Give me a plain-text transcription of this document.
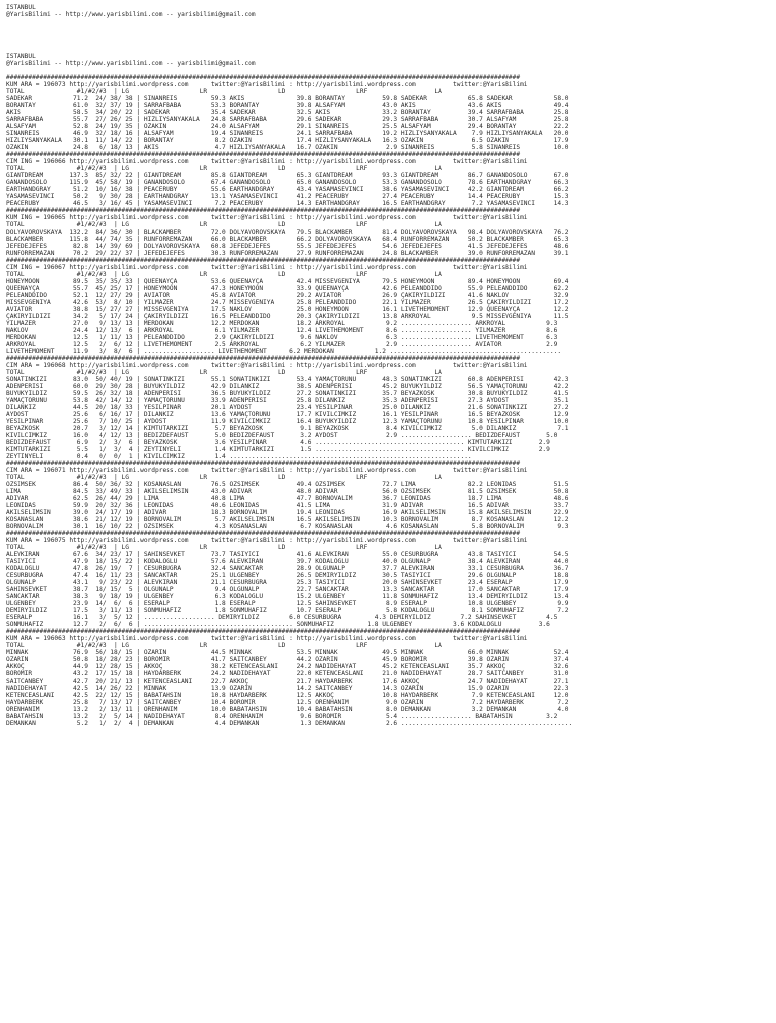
ISTANBUL
@YarisBilimi -- http://www.yarisbilimi.com -- yarisbilimi@gmail.com
ISTANBUL
@YarisBilimi -- http://www.yarisbilimi.com -- yarisbilimi@gmail.com
##########################################################################################################################################
KUM ARA = 196073 http://yarisbilimi.wordpress.com      twitter:@YarisBilimi : http://yarisbilimi.wordpress.com          twitter:@YarisBilimi
TOTAL              #1/#2/#3  | LG                   LR                   LD                   LRF                  LA
SADEKAR           71.2  24/ 38/ 38 | SINANREIS         59.3 AKIS              39.8 BORANTAY          59.8 SADEKAR           65.8 SADEKAR           58.0
BORANTAY          61.0  32/ 37/ 19 | SARRAFBABA        53.3 BORANTAY          39.8 ALSAFYAM          43.0 AKIS              43.6 AKIS              49.4
AKIS              58.5  34/ 20/ 22 | SADEKAR           35.4 SADEKAR           32.5 AKIS              33.2 BORANTAY          39.4 SARRAFBABA        25.8
SARRAFBABA        55.7  27/ 26/ 25 | HIZLIYSANYAKALA   24.8 SARRAFBABA        29.6 SADEKAR           29.3 SARRAFBABA        30.7 ALSAFYAM          25.8
ALSAFYAM          52.8  24/ 19/ 35 | ÖZAKIN            24.0 ALSAFYAM          29.1 SINANREIS         25.5 ALSAFYAM          29.4 BORANTAY          22.2
SINANREIS         46.9  32/ 18/ 16 | ALSAFYAM          19.4 SINANREIS         24.1 SARRAFBABA        19.2 HIZLIYSANYAKALA    7.9 HIZLIYSANYAKALA   20.0
HIZLIYSANYAKALA   30.1  11/ 14/ 22 | BORANTAY           8.2 ÖZAKIN            17.4 HIZLIYSANYAKALA   16.3 ÖZAKIN             6.5 ÖZAKIN            17.9
ÖZAKIN            24.8   6/ 18/ 13 | AKIS               4.7 HIZLIYSANYAKALA   16.7 ÖZAKIN             2.9 SINANREIS          5.8 SINANREIS         10.0
##########################################################################################################################################
CIM ING = 196066 http://yarisbilimi.wordpress.com      twitter:@YarisBilimi : http://yarisbilimi.wordpress.com          twitter:@YarisBilimi
TOTAL              #1/#2/#3  | LG                   LR                   LD                   LRF                  LA
GIANTDREAM       137.3  85/ 32/ 22 | GIANTDREAM        85.8 GIANTDREAM        65.3 GIANTDREAM        93.3 GIANTDREAM        86.7 GANANDOSOLO       67.0
GANANDOSOLO      115.9  45/ 58/ 19 | GANANDOSOLO       67.4 GANANDOSOLO       65.0 GANANDOSOLO       53.3 GANANDOSOLO       78.6 EARTHANDGRAY      66.3
EARTHANDGRAY      51.2  10/ 16/ 38 | PEACERUBY         55.6 EARTHANDGRAY      43.4 YASAMASEVINCI     38.6 YASAMASEVINCI     42.2 GIANTDREAM        66.2
YASAMASEVINCI     50.2   9/ 30/ 28 | EARTHANDGRAY      13.1 YASAMASEVINCI     41.2 PEACERUBY         27.4 PEACERUBY         14.4 PEACERUBY         15.3
PEACERUBY         46.5   3/ 16/ 45 | YASAMASEVINCI      7.2 PEACERUBY         14.3 EARTHANDGRAY      16.5 EARTHANDGRAY       7.2 YASAMASEVINCI     14.3
##########################################################################################################################################
KUM ING = 196065 http://yarisbilimi.wordpress.com      twitter:@YarisBilimi : http://yarisbilimi.wordpress.com          twitter:@YarisBilimi
TOTAL              #1/#2/#3  | LG                   LR                   LD                   LRF                  LA
DOLYAVOROVSKAYA  132.2  84/ 36/ 30 | BLACKAMBER        72.0 DOLYAVOROVSKAYA   79.5 BLACKAMBER        81.4 DOLYAVOROVSKAYA   98.4 DOLYAVOROVSKAYA   76.2
BLACKAMBER       115.8  44/ 74/ 35 | RUNFORREMAZAN     66.0 BLACKAMBER        66.2 DOLYAVOROVSKAYA   68.4 RUNFORREMAZAN     50.2 BLACKAMBER        65.3
JEFEDEJEFES       82.8  14/ 39/ 69 | DOLYAVOROVSKAYA   60.8 JEFEDEJEFES       55.5 JEFEDEJEFES       54.6 JEFEDEJEFES       41.5 JEFEDEJEFES       48.6
RUNFORREMAZAN     70.2  29/ 22/ 37 | JEFEDEJEFES       30.3 RUNFORREMAZAN     27.9 RUNFORREMAZAN     24.8 BLACKAMBER        39.0 RUNFORREMAZAN     39.1
##########################################################################################################################################
CIM ING = 196067 http://yarisbilimi.wordpress.com      twitter:@YarisBilimi : http://yarisbilimi.wordpress.com          twitter:@YarisBilimi
TOTAL              #1/#2/#3  | LG                   LR                   LD                   LRF                  LA
HONEYMOON         89.5  35/ 35/ 33 | QUEENAYÇA         53.6 QUEENAYÇA         42.4 MISSEVGENIYA      79.5 HONEYMOON         89.4 HONEYMOON         69.4
QUEENAYÇA         55.7  45/ 25/ 17 | HONEYMOON         47.3 HONEYMOON         33.9 QUEENAYÇA         42.6 PELEANDDIDO       55.9 PELEANDDIDO       62.2
PELEANDDIDO       52.1  12/ 27/ 29 | AVIATOR           45.8 AVIATOR           29.2 AVIATOR           26.9 ÇAKIRYILDIZI      41.6 NAKLOV            32.9
MISSEVGENIYA      42.6  53/  8/ 10 | YILMAZER          24.7 MISSEVGENIYA      25.8 PELEANDDIDO       22.1 YILMAZER          26.5 ÇAKIRYILDIZI      17.2
AVIATOR           38.8  15/ 27/ 27 | MISSEVGENIYA      17.5 NAKLOV            25.0 HONEYMOON         16.1 LIVETHEMOMENT     12.9 QUEENAYÇA         12.2
ÇAKIRYILDIZI      34.2   5/ 17/ 24 | ÇAKIRYILDIZI      16.5 PELEANDDIDO       20.3 ÇAKIRYILDIZI      13.8 ARKROYAL           9.5 MISSEVGENIYA      11.5
YILMAZER          27.0   9/ 13/ 13 | MERDOKAN          12.2 MERDOKAN          18.2 ARKROYAL           9.2 ................... ARKROYAL           9.3
NAKLOV            24.4  12/ 13/  6 | ARKROYAL           6.1 YILMAZER          12.4 LIVETHEMOMENT      8.6 ................... YILMAZER           8.6
MERDOKAN          12.5   1/ 11/ 13 | PELEANDDIDO        2.9 ÇAKIRYILDIZI       9.6 NAKLOV             6.3 ................... LIVETHEMOMENT      6.3
ARKROYAL          12.5   2/  6/ 12 | LIVETHEMOMENT      2.5 ARKROYAL           6.2 YILMAZER           2.9 ................... AVIATOR            2.9
LIVETHEMOMENT     11.9   3/  8/  6 | ................... LIVETHEMOMENT      6.2 MERDOKAN           1.2 ..............................................
##########################################################################################################################################
CIM ARA = 196068 http://yarisbilimi.wordpress.com      twitter:@YarisBilimi : http://yarisbilimi.wordpress.com          twitter:@YarisBilimi
TOTAL              #1/#2/#3  | LG                   LR                   LD                   LRF                  LA
SONATINKIZI       83.0  50/ 40/ 19 | SONATINKIZI       55.1 SONATINKIZI       53.4 YAMAÇTORUNU       48.3 SONATINKIZI       60.8 ADENPERISI        42.3
ADENPERISI        60.0  29/ 30/ 28 | BÜYÜKYILDIZ       42.9 DILANKIZ          38.5 ADENPERISI        45.2 BÜYÜKYILDIZ       56.5 YAMAÇTORUNU       42.2
BÜYÜKYILDIZ       59.5  26/ 32/ 18 | ADENPERISI        36.5 BÜYÜKYILDIZ       27.2 SONATINKIZI       35.7 BEYAZKÖSK         30.8 BÜYÜKYILDIZ       41.5
YAMAÇTORUNU       53.8  42/ 14/ 12 | YAMAÇTORUNU       33.9 ADENPERISI        25.8 DILANKIZ          35.3 ADENPERISI        27.3 AYDOST            35.1
DILANKIZ          44.5  20/ 18/ 33 | YESILPINAR        20.1 AYDOST            23.4 YESILPINAR        25.0 DILANKIZ          21.6 SONATINKIZI       27.2
AYDOST            25.6   6/ 16/ 17 | DILANKIZ          13.6 YAMAÇTORUNU       17.7 KIVILCIMKIZ       16.1 YESILPINAR        16.5 BEYAZKÖSK         12.9
YESILPINAR        25.6   7/ 10/ 25 | AYDOST            11.9 KIVILCIMKIZ       16.4 BÜYÜKYILDIZ       12.3 YAMAÇTORUNU       10.8 YESILPINAR        10.0
BEYAZKÖSK         20.7   3/ 12/ 14 | KIMTUTARKIZI       5.7 BEYAZKÖSK          9.1 BEYAZKÖSK          8.4 KIVILCIMKIZ        5.0 DILANKIZ           7.1
KIVILCIMKIZ       16.0   4/ 12/ 13 | BEDIZDEFAUST       5.0 BEDIZDEFAUST       3.2 AYDOST             2.9 ................... BEDIZDEFAUST       5.0
BEDIZDEFAUST       6.9   2/  3/  6 | BEYAZKÖSK          3.6 YESILPINAR         4.6 ........................................ KIMTUTARKIZI       2.9
KIMTUTARKIZI       5.5   1/  3/  4 | ZEYTINYELI         1.4 KIMTUTARKIZI       1.5 ........................................ KIVILCIMKIZ        2.9
ZEYTINYELI         0.4   0/  0/  1 | KIVILCIMKIZ        1.4 .................................................................
##########################################################################################################################################
CIM ARA = 196071 http://yarisbilimi.wordpress.com      twitter:@YarisBilimi : http://yarisbilimi.wordpress.com          twitter:@YarisBilimi
TOTAL              #1/#2/#3  | LG                   LR                   LD                   LRF                  LA
ÖZSIMSEK          86.4  50/ 36/ 32 | KOSANASLAN        76.5 ÖZSIMSEK          49.4 ÖZSIMSEK          72.7 LIMA              82.2 LEONIDAS          51.5
LIMA              84.5  33/ 49/ 33 | AKILSELIMSIN      43.0 ADIVAR            48.0 ADIVAR            56.0 ÖZSIMSEK          81.5 ÖZSIMSEK          50.8
ADIVAR            62.5  26/ 44/ 29 | LIMA              40.8 LIMA              47.7 BORNOVALIM        36.7 LEONIDAS          18.7 LIMA              48.6
LEONIDAS          59.9  20/ 32/ 36 | LEONIDAS          40.6 LEONIDAS          41.5 LIMA              31.9 ADIVAR            16.5 ADIVAR            33.7
AKILSELIMSIN      39.0  24/ 17/ 19 | ADIVAR            18.3 BORNOVALIM        19.4 LEONIDAS          16.9 AKILSELIMSIN      15.8 AKILSELIMSIN      22.9
KOSANASLAN        38.6  21/ 12/ 19 | BORNOVALIM         5.7 AKILSELIMSIN      16.5 AKILSELIMSIN      10.3 BORNOVALIM         8.7 KOSANASLAN        12.2
BORNOVALIM        30.1  16/ 10/ 22 | ÖZSIMSEK           4.3 KOSANASLAN         6.7 KOSANASLAN         4.6 KOSANASLAN         5.8 BORNOVALIM         9.3
##########################################################################################################################################
KUM ARA = 196075 http://yarisbilimi.wordpress.com      twitter:@YarisBilimi : http://yarisbilimi.wordpress.com          twitter:@YarisBilimi
TOTAL              #1/#2/#3  | LG                   LR                   LD                   LRF                  LA
ALEVKIRAN         67.6  34/ 23/ 17 | SAHINSEVKET       73.7 TASIYICI          41.6 ALEVKIRAN         55.0 CESURBUGRA        43.8 TASIYICI          54.5
TASIYICI          47.9  18/ 15/ 22 | KODALOGLU         57.6 ALEVKIRAN         39.7 KODALOGLU         40.0 OLGUNALP          38.4 ALEVKIRAN         44.0
KODALOGLU         47.8  26/ 19/  7 | CESURBUGRA        32.4 SANCAKTAR         28.9 OLGUNALP          37.7 ALEVKIRAN         33.1 CESURBUGRA        36.7
CESURBUGRA        47.4  16/ 11/ 23 | SANCAKTAR         25.1 ÜLGENBEY          26.5 DEMIRYILDIZ       30.5 TASIYICI          29.6 OLGUNALP          18.8
OLGUNALP          43.1   9/ 23/ 22 | ALEVKIRAN         21.1 CESURBUGRA        25.3 TASIYICI          20.0 SAHINSEVKET       23.4 ESERALP           17.9
SAHINSEVKET       38.7  18/ 15/  5 | OLGUNALP           9.4 OLGUNALP          22.7 SANCAKTAR         13.3 SANCAKTAR         17.0 SANCAKTAR         17.9
SANCAKTAR         38.3   9/ 18/ 19 | ÜLGENBEY           6.3 KODALOGLU         15.2 ÜLGENBEY          11.8 SONMUHAFIZ        13.4 DEMIRYILDIZ       13.4
ÜLGENBEY          23.9  14/  6/  6 | ESERALP            1.8 ESERALP           12.5 SAHINSEVKET        8.9 ESERALP           10.8 ÜLGENBEY           9.9
DEMIRYILDIZ       17.5   3/ 11/ 13 | SONMUHAFIZ         1.8 SONMUHAFIZ        10.7 ESERALP            5.8 KODALOGLU          8.1 SONMUHAFIZ         7.2
ESERALP           16.1   3/  5/ 12 | ................... DEMIRYILDIZ        6.0 CESURBUGRA         4.3 DEMIRYILDIZ        7.2 SAHINSEVKET        4.5
SONMUHAFIZ        12.7   2/  6/  6 | ........................................ SONMUHAFIZ         1.8 ÜLGENBEY           3.6 KODALOGLU          3.6
##########################################################################################################################################
KUM ARA = 196063 http://yarisbilimi.wordpress.com      twitter:@YarisBilimi : http://yarisbilimi.wordpress.com          twitter:@YarisBilimi
TOTAL              #1/#2/#3  | LG                   LR                   LD                   LRF                  LA
MINNAK            76.9  56/ 18/ 15 | ÖZARIN            44.5 MINNAK            53.5 MINNAK            49.5 MINNAK            66.0 MINNAK            52.4
ÖZARIN            50.8  18/ 28/ 23 | BOROMIR           41.7 SAITCANBEY        44.2 ÖZARIN            45.9 BOROMIR           39.8 ÖZARIN            37.4
AKKOÇ             44.9  12/ 28/ 15 | AKKOÇ             38.2 KETENCEASLANI     24.2 NADIDEHAYAT       45.2 KETENCEASLANI     35.7 AKKOÇ             32.6
BOROMIR           43.2  17/ 15/ 18 | HAYDARBERK        24.2 NADIDEHAYAT       22.0 KETENCEASLANI     21.0 NADIDEHAYAT       28.7 SAITCANBEY        31.0
SAITCANBEY        42.7  20/ 21/ 13 | KETENCEASLANI     22.7 AKKOÇ             21.7 HAYDARBERK        17.6 AKKOÇ             24.7 NADIDEHAYAT       27.1
NADIDEHAYAT       42.5  14/ 26/ 22 | MINNAK            13.9 ÖZARIN            14.2 SAITCANBEY        14.3 ÖZARIN            15.9 ÖZARIN            22.3
KETENCEASLANI     42.5  22/ 12/ 15 | BABATAHSIN        10.8 HAYDARBERK        12.5 AKKOÇ             10.8 HAYDARBERK         7.9 KETENCEASLANI     12.0
HAYDARBERK        25.8   7/ 13/ 17 | SAITCANBEY        10.4 BOROMIR           12.5 ÖRENHANIM          9.0 ÖZARIN             7.2 HAYDARBERK         7.2
ÖRENHANIM         13.2   2/ 13/ 11 | ÖRENHANIM         10.0 BABATAHSIN        10.4 BABATAHSIN         8.0 DEMANKAN           3.2 DEMANKAN           4.0
BABATAHSIN        13.2   2/  5/ 14 | NADIDEHAYAT        8.4 ÖRENHANIM          9.6 BOROMIR            5.4 ................... BABATAHSIN         3.2
DEMANKAN           5.2   1/  2/  4 | DEMANKAN           4.4 DEMANKAN           1.3 DEMANKAN           2.6 ..............................................
